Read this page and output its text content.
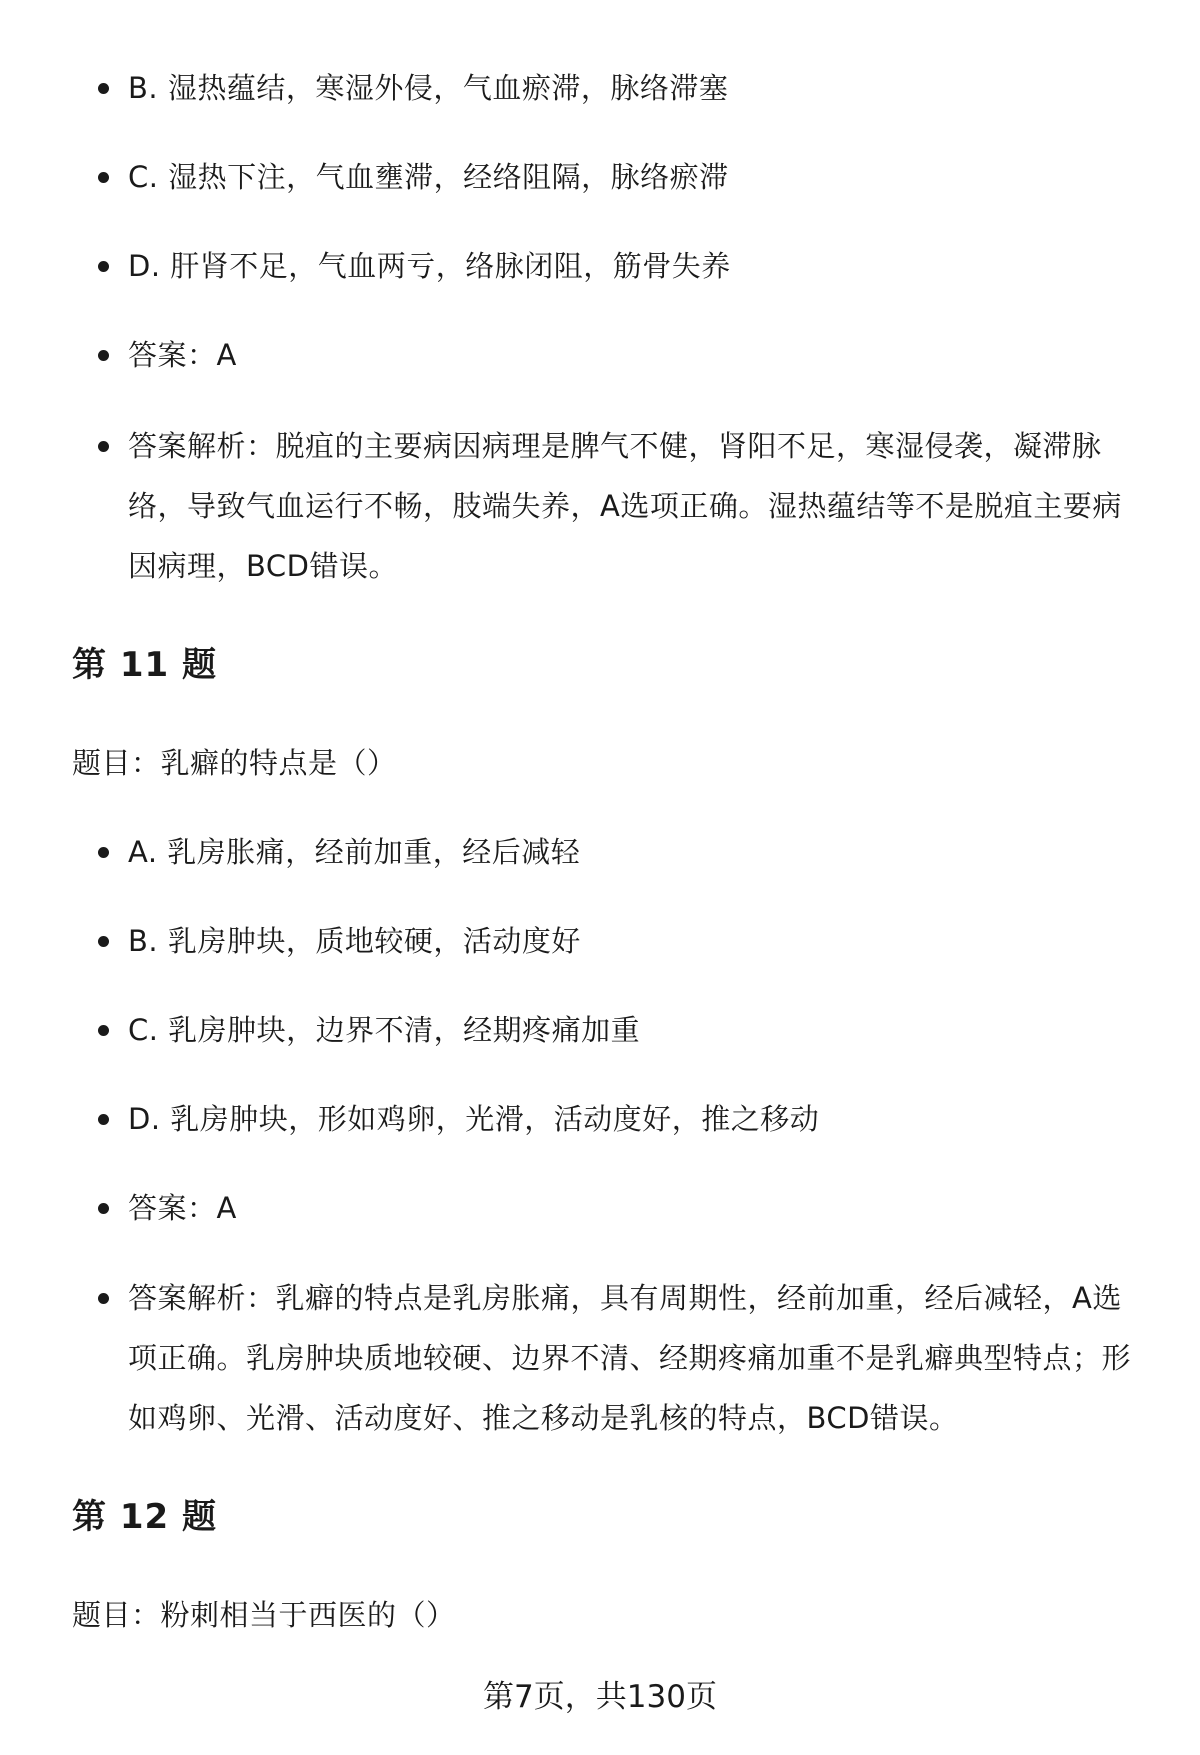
B. 湿热蕴结，寒湿外侵，气血瘀滞，脉络滞塞
C. 湿热下注，气血壅滞，经络阻隔，脉络瘀滞
D. 肝肾不足，气血两亏，络脉闭阻，筋骨失养
答案：A
答案解析：脱疽的主要病因病理是脾气不健，肾阳不足，寒湿侵袭，凝滞脉络，导致气血运行不畅，肢端失养，A选项正确。湿热蕴结等不是脱疽主要病因病理，BCD错误。
第 11 题
题目：乳癖的特点是（）
A. 乳房胀痛，经前加重，经后减轻
B. 乳房肿块，质地较硬，活动度好
C. 乳房肿块，边界不清，经期疼痛加重
D. 乳房肿块，形如鸡卵，光滑，活动度好，推之移动
答案：A
答案解析：乳癖的特点是乳房胀痛，具有周期性，经前加重，经后减轻，A选项正确。乳房肿块质地较硬、边界不清、经期疼痛加重不是乳癖典型特点；形如鸡卵、光滑、活动度好、推之移动是乳核的特点，BCD错误。
第 12 题
题目：粉刺相当于西医的（）
第7页，共130页
